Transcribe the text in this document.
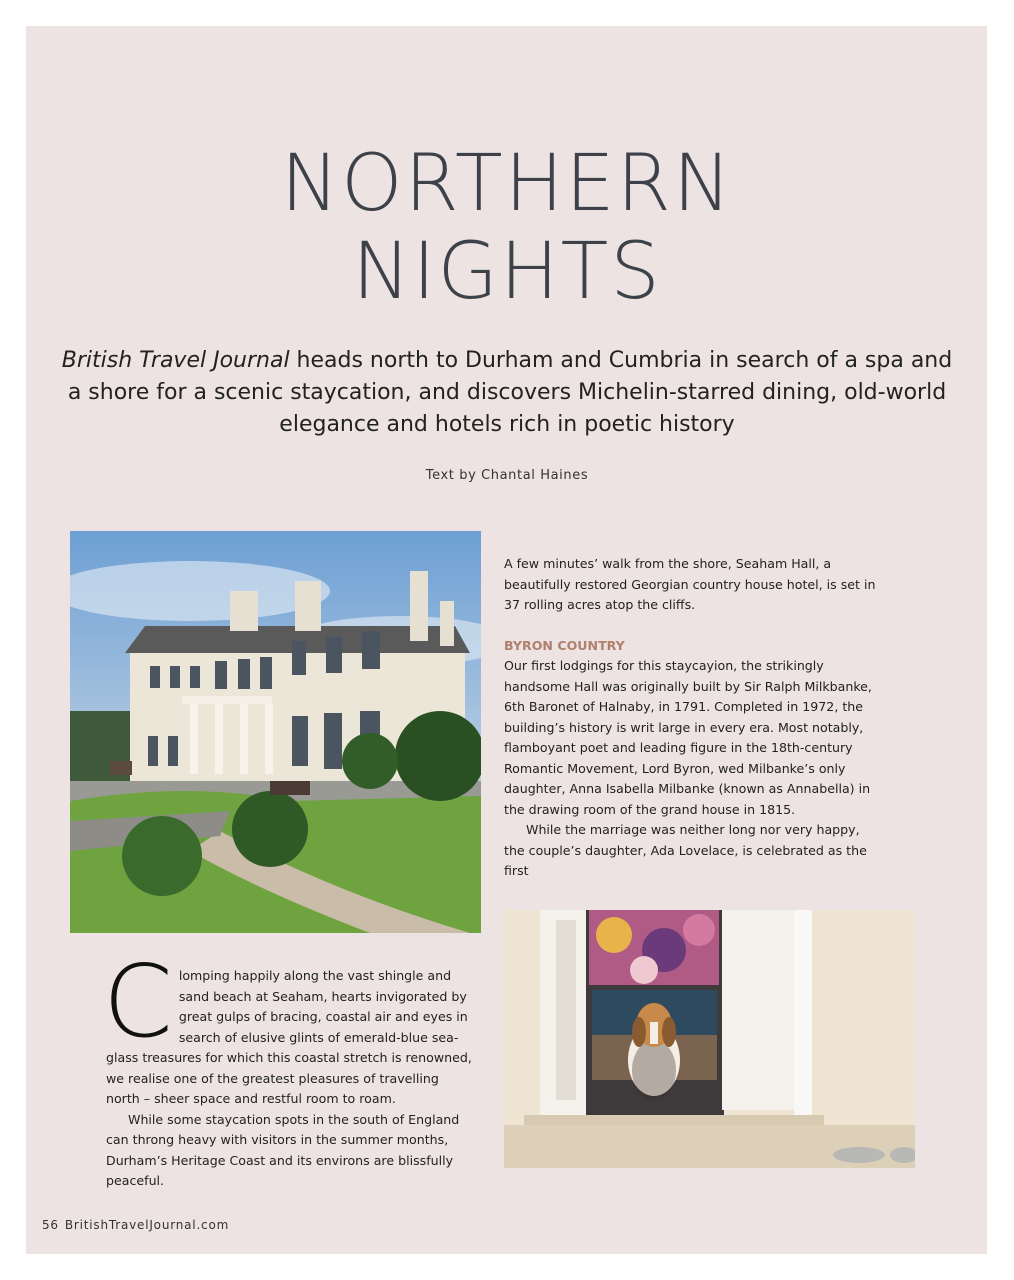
NORTHERN
NIGHTS
British Travel Journal heads north to Durham and Cumbria in search of a spa and a shore for a scenic staycation, and discovers Michelin-starred dining, old-world elegance and hotels rich in poetic history
Text by Chantal Haines

A few minutes’ walk from the shore, Seaham Hall, a beautifully restored Georgian country house hotel, is set in 37 rolling acres atop the cliffs.

BYRON COUNTRY

Our first lodgings for this staycayion, the strikingly handsome Hall was originally built by Sir Ralph Milkbanke, 6th Baronet of Halnaby, in 1791. Completed in 1972, the building’s history is writ large in every era. Most notably, flamboyant poet and leading figure in the 18th-century Romantic Movement, Lord Byron, wed Milbanke’s only daughter, Anna Isabella Milbanke (known as Annabella) in the drawing room of the grand house in 1815.

While the marriage was neither long nor very happy, the couple’s daughter, Ada Lovelace, is celebrated as the first

Clomping happily along the vast shingle and sand beach at Seaham, hearts invigorated by great gulps of bracing, coastal air and eyes in search of elusive glints of emerald-blue sea-glass treasures for which this coastal stretch is renowned, we realise one of the greatest pleasures of travelling north – sheer space and restful room to roam.

While some staycation spots in the south of England can throng heavy with visitors in the summer months, Durham’s Heritage Coast and its environs are blissfully peaceful.

56 BritishTravelJournal.com
